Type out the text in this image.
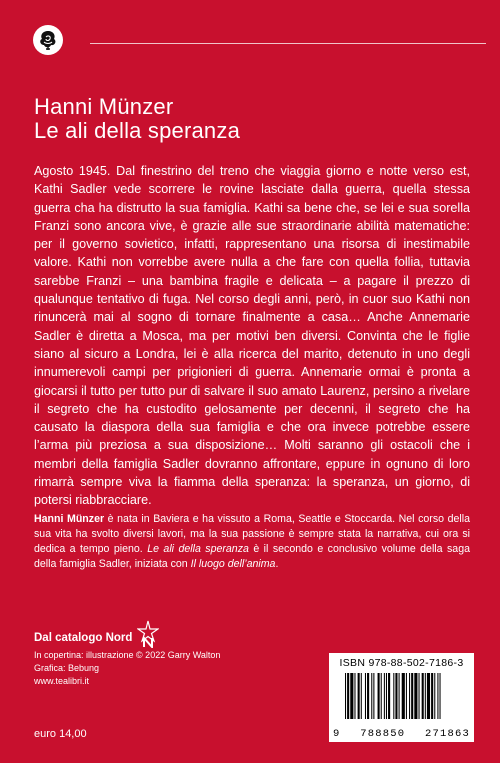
Hanni Münzer
Le ali della speranza
Agosto 1945. Dal finestrino del treno che viaggia giorno e notte verso est, Kathi Sadler vede scorrere le rovine lasciate dalla guerra, quella stessa guerra cha ha distrutto la sua famiglia. Kathi sa bene che, se lei e sua sorella Franzi sono ancora vive, è grazie alle sue straordinarie abilità matematiche: per il governo sovietico, infatti, rappresentano una risorsa di inestimabile valore. Kathi non vorrebbe avere nulla a che fare con quella follia, tuttavia sarebbe Franzi – una bambina fragile e delicata – a pagare il prezzo di qualunque tentativo di fuga. Nel corso degli anni, però, in cuor suo Kathi non rinuncerà mai al sogno di tornare finalmente a casa… Anche Annemarie Sadler è diretta a Mosca, ma per motivi ben diversi. Convinta che le figlie siano al sicuro a Londra, lei è alla ricerca del marito, detenuto in uno degli innumerevoli campi per prigionieri di guerra. Annemarie ormai è pronta a giocarsi il tutto per tutto pur di salvare il suo amato Laurenz, persino a rivelare il segreto che ha custodito gelosamente per decenni, il segreto che ha causato la diaspora della sua famiglia e che ora invece potrebbe essere l’arma più preziosa a sua disposizione… Molti saranno gli ostacoli che i membri della famiglia Sadler dovranno affrontare, eppure in ognuno di loro rimarrà sempre viva la fiamma della speranza: la speranza, un giorno, di potersi riabbracciare.
Hanni Münzer è nata in Baviera e ha vissuto a Roma, Seattle e Stoccarda. Nel corso della sua vita ha svolto diversi lavori, ma la sua passione è sempre stata la narrativa, cui ora si dedica a tempo pieno. Le ali della speranza è il secondo e conclusivo volume della saga della famiglia Sadler, iniziata con Il luogo dell’anima.
Dal catalogo Nord
In copertina: illustrazione © 2022 Garry Walton
Grafica: Bebung
www.tealibri.it
euro 14,00
ISBN 978-88-502-7186-3
9 788850 271863
